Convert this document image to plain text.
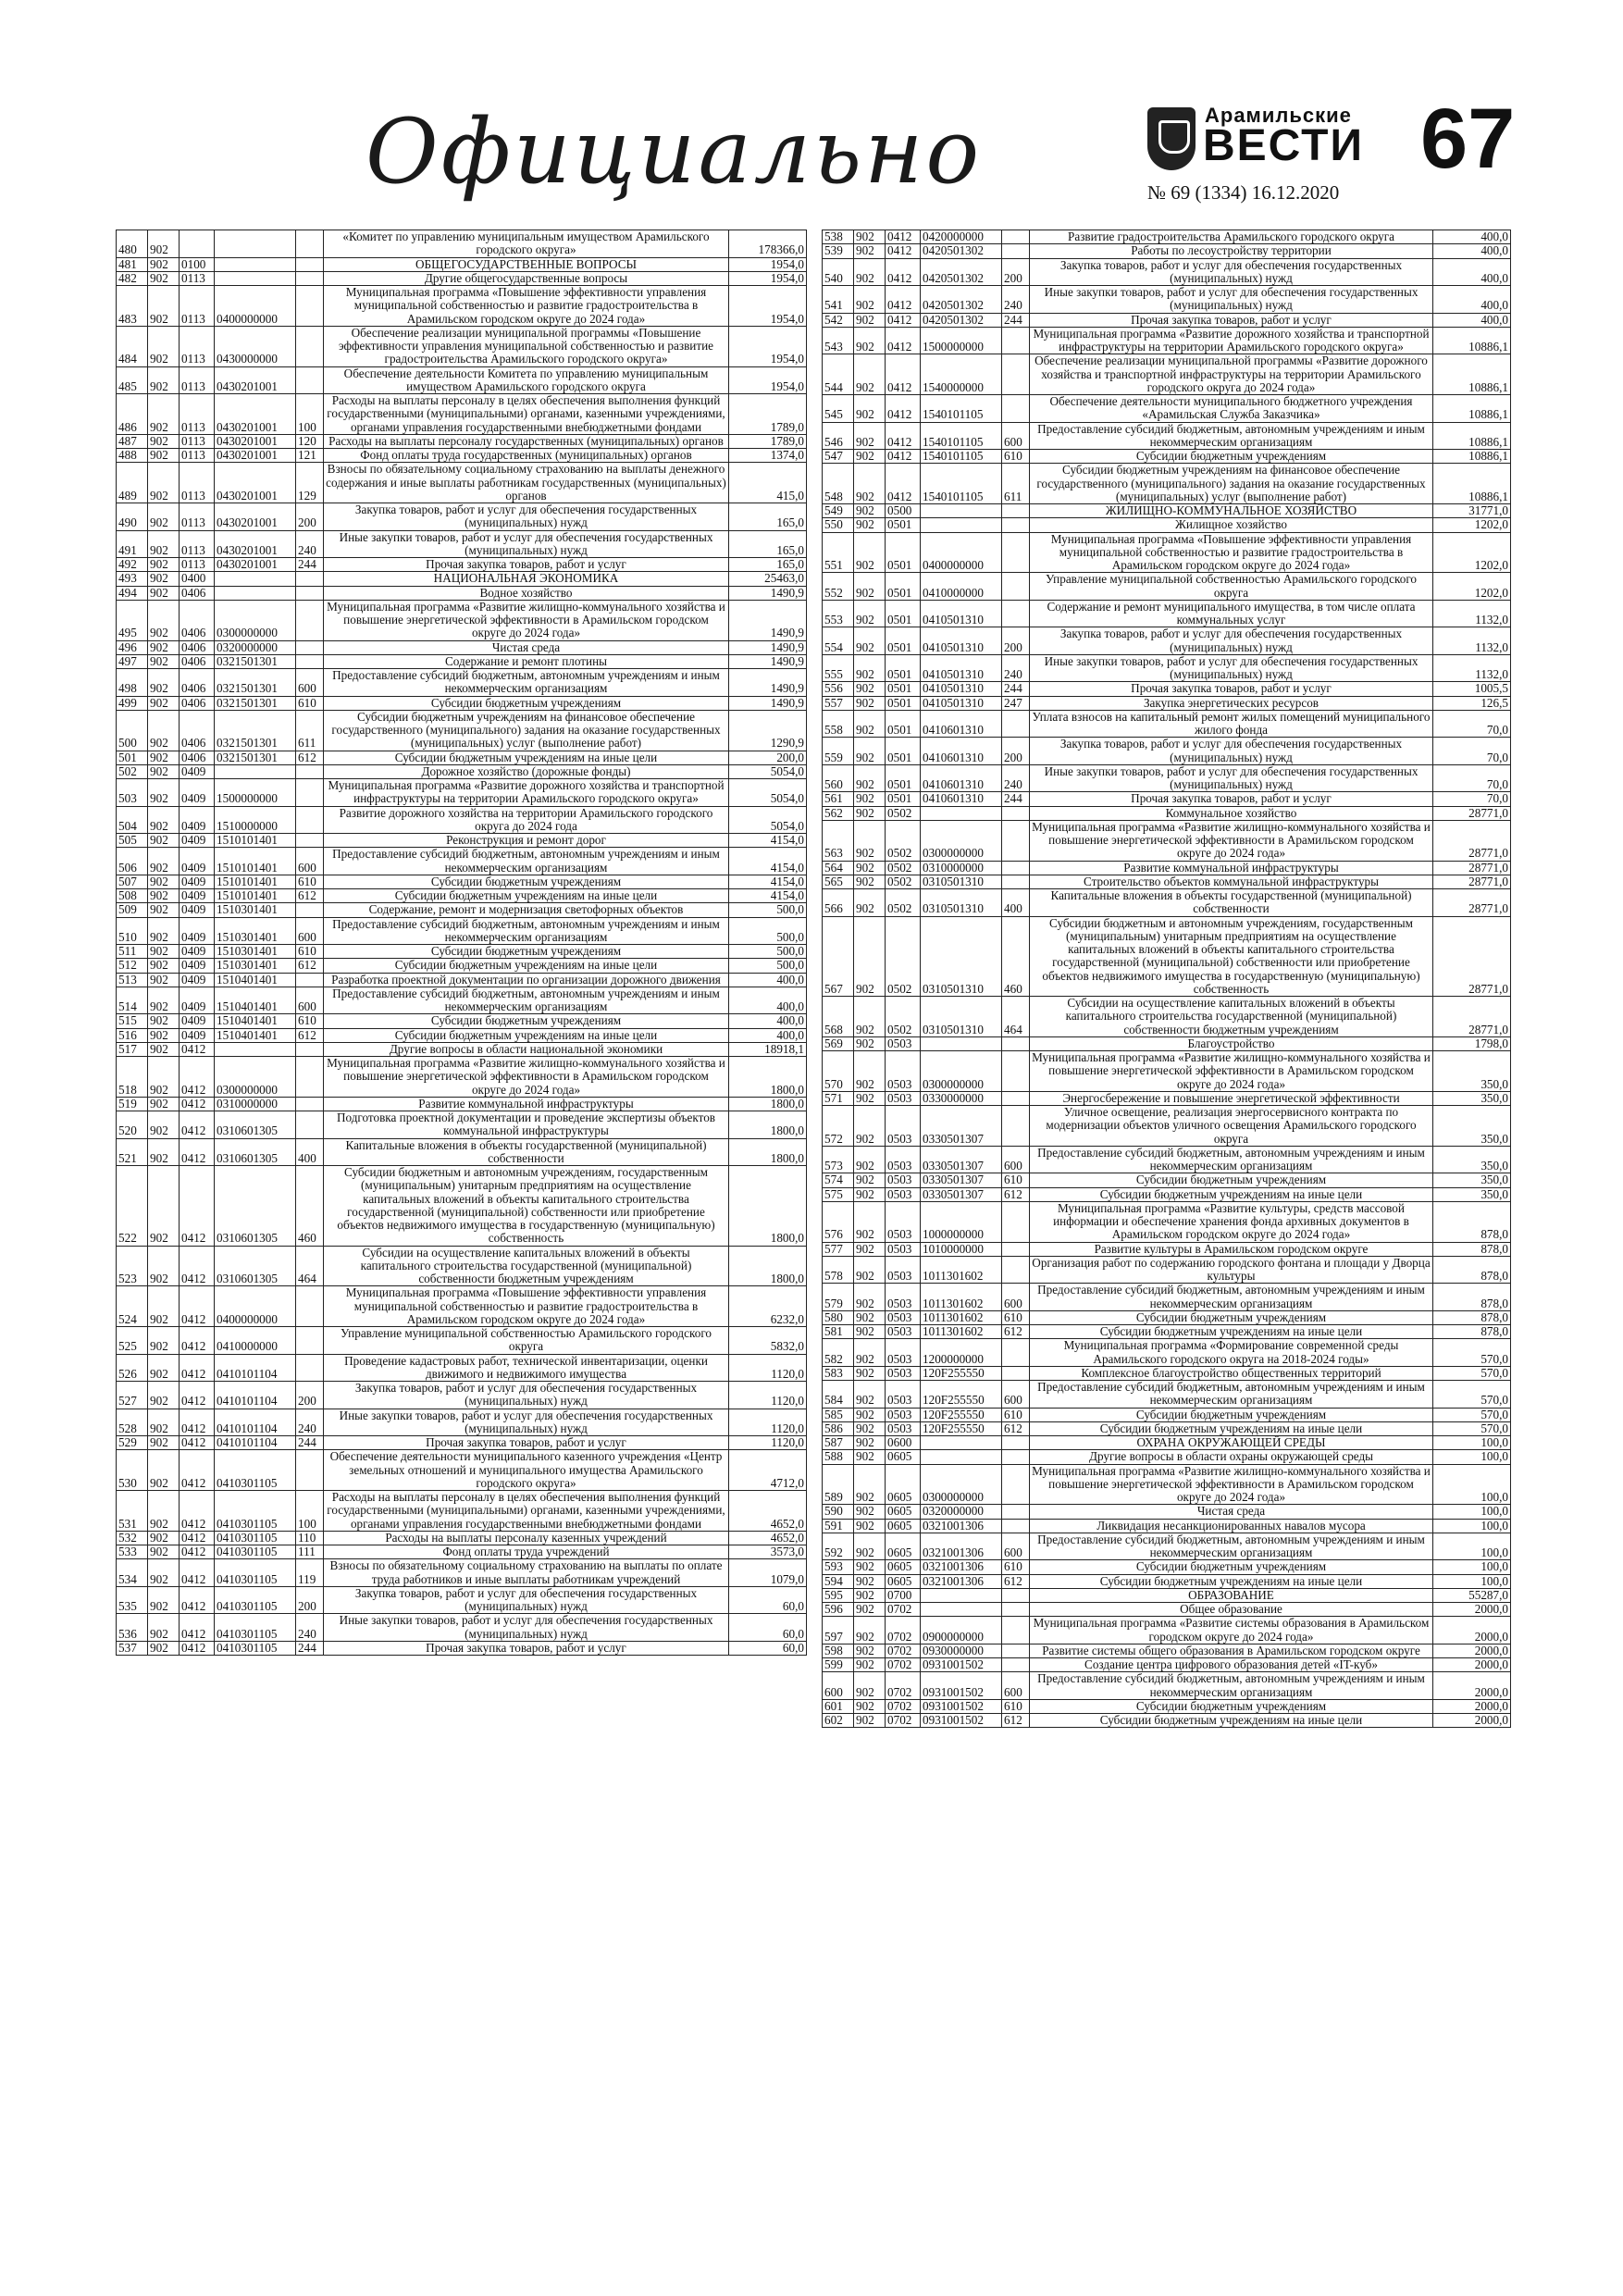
Официально	Арамильские
ВЕСТИ
№ 69 (1334) 16.12.2020
67
480	902				«Комитет по управлению муниципальным имуществом Арамильского городского округа»	178366,0
481	902	0100			ОБЩЕГОСУДАРСТВЕННЫЕ ВОПРОСЫ	1954,0
482	902	0113			Другие общегосударственные вопросы	1954,0
483	902	0113	0400000000		Муниципальная программа «Повышение эффективности управления муниципальной собственностью и развитие градостроительства в Арамильском городском округе до 2024 года»	1954,0
484	902	0113	0430000000		Обеспечение реализации муниципальной программы «Повышение эффективности управления муниципальной собственностью и развитие градостроительства Арамильского городского округа»	1954,0
485	902	0113	0430201001		Обеспечение деятельности Комитета по управлению муниципальным имуществом Арамильского городского округа	1954,0
486	902	0113	0430201001	100	Расходы на выплаты персоналу в целях обеспечения выполнения функций государственными (муниципальными) органами, казенными учреждениями, органами управления государственными внебюджетными фондами	1789,0
487	902	0113	0430201001	120	Расходы на выплаты персоналу государственных (муниципальных) органов	1789,0
488	902	0113	0430201001	121	Фонд оплаты труда государственных (муниципальных) органов	1374,0
489	902	0113	0430201001	129	Взносы по обязательному социальному страхованию на выплаты денежного содержания и иные выплаты работникам государственных (муниципальных) органов	415,0
490	902	0113	0430201001	200	Закупка товаров, работ и услуг для обеспечения государственных (муниципальных) нужд	165,0
491	902	0113	0430201001	240	Иные закупки товаров, работ и услуг для обеспечения государственных (муниципальных) нужд	165,0
492	902	0113	0430201001	244	Прочая закупка товаров, работ и услуг	165,0
493	902	0400			НАЦИОНАЛЬНАЯ ЭКОНОМИКА	25463,0
494	902	0406			Водное хозяйство	1490,9
495	902	0406	0300000000		Муниципальная программа «Развитие жилищно-коммунального хозяйства и повышение энергетической эффективности в Арамильском городском округе до 2024 года»	1490,9
496	902	0406	0320000000		Чистая среда	1490,9
497	902	0406	0321501301		Содержание и ремонт плотины	1490,9
498	902	0406	0321501301	600	Предоставление субсидий бюджетным, автономным учреждениям и иным некоммерческим организациям	1490,9
499	902	0406	0321501301	610	Субсидии бюджетным учреждениям	1490,9
500	902	0406	0321501301	611	Субсидии бюджетным учреждениям на финансовое обеспечение государственного (муниципального) задания на оказание государственных (муниципальных) услуг (выполнение работ)	1290,9
501	902	0406	0321501301	612	Субсидии бюджетным учреждениям на иные цели	200,0
502	902	0409			Дорожное хозяйство (дорожные фонды)	5054,0
503	902	0409	1500000000		Муниципальная программа «Развитие дорожного хозяйства и транспортной инфраструктуры на территории Арамильского городского округа»	5054,0
504	902	0409	1510000000		Развитие дорожного хозяйства на территории Арамильского городского округа до 2024 года	5054,0
505	902	0409	1510101401		Реконструкция и ремонт дорог	4154,0
506	902	0409	1510101401	600	Предоставление субсидий бюджетным, автономным учреждениям и иным некоммерческим организациям	4154,0
507	902	0409	1510101401	610	Субсидии бюджетным учреждениям	4154,0
508	902	0409	1510101401	612	Субсидии бюджетным учреждениям на иные цели	4154,0
509	902	0409	1510301401		Содержание, ремонт и модернизация светофорных объектов	500,0
510	902	0409	1510301401	600	Предоставление субсидий бюджетным, автономным учреждениям и иным некоммерческим организациям	500,0
511	902	0409	1510301401	610	Субсидии бюджетным учреждениям	500,0
512	902	0409	1510301401	612	Субсидии бюджетным учреждениям на иные цели	500,0
513	902	0409	1510401401		Разработка проектной документации по организации дорожного движения	400,0
514	902	0409	1510401401	600	Предоставление субсидий бюджетным, автономным учреждениям и иным некоммерческим организациям	400,0
515	902	0409	1510401401	610	Субсидии бюджетным учреждениям	400,0
516	902	0409	1510401401	612	Субсидии бюджетным учреждениям на иные цели	400,0
517	902	0412			Другие вопросы в области национальной экономики	18918,1
518	902	0412	0300000000		Муниципальная программа «Развитие жилищно-коммунального хозяйства и повышение энергетической эффективности в Арамильском городском округе до 2024 года»	1800,0
519	902	0412	0310000000		Развитие коммунальной инфраструктуры	1800,0
520	902	0412	0310601305		Подготовка проектной документации и проведение экспертизы объектов коммунальной инфраструктуры	1800,0
521	902	0412	0310601305	400	Капитальные вложения в объекты государственной (муниципальной) собственности	1800,0
522	902	0412	0310601305	460	Субсидии бюджетным и автономным учреждениям, государственным (муниципальным) унитарным предприятиям на осуществление капитальных вложений в объекты капитального строительства государственной (муниципальной) собственности или приобретение объектов недвижимого имущества в государственную (муниципальную) собственность	1800,0
523	902	0412	0310601305	464	Субсидии на осуществление капитальных вложений в объекты капитального строительства государственной (муниципальной) собственности бюджетным учреждениям	1800,0
524	902	0412	0400000000		Муниципальная программа «Повышение эффективности управления муниципальной собственностью и развитие градостроительства в Арамильском городском округе до 2024 года»	6232,0
525	902	0412	0410000000		Управление муниципальной собственностью Арамильского городского округа	5832,0
526	902	0412	0410101104		Проведение кадастровых работ, технической инвентаризации, оценки движимого и недвижимого имущества	1120,0
527	902	0412	0410101104	200	Закупка товаров, работ и услуг для обеспечения государственных (муниципальных) нужд	1120,0
528	902	0412	0410101104	240	Иные закупки товаров, работ и услуг для обеспечения государственных (муниципальных) нужд	1120,0
529	902	0412	0410101104	244	Прочая закупка товаров, работ и услуг	1120,0
530	902	0412	0410301105		Обеспечение деятельности муниципального казенного учреждения «Центр земельных отношений и муниципального имущества Арамильского городского округа»	4712,0
531	902	0412	0410301105	100	Расходы на выплаты персоналу в целях обеспечения выполнения функций государственными (муниципальными) органами, казенными учреждениями, органами управления государственными внебюджетными фондами	4652,0
532	902	0412	0410301105	110	Расходы на выплаты персоналу казенных учреждений	4652,0
533	902	0412	0410301105	111	Фонд оплаты труда учреждений	3573,0
534	902	0412	0410301105	119	Взносы по обязательному социальному страхованию на выплаты по оплате труда работников и иные выплаты работникам учреждений	1079,0
535	902	0412	0410301105	200	Закупка товаров, работ и услуг для обеспечения государственных (муниципальных) нужд	60,0
536	902	0412	0410301105	240	Иные закупки товаров, работ и услуг для обеспечения государственных (муниципальных) нужд	60,0
537	902	0412	0410301105	244	Прочая закупка товаров, работ и услуг	60,0
538	902	0412	0420000000		Развитие градостроительства Арамильского городского округа	400,0
539	902	0412	0420501302		Работы по лесоустройству территории	400,0
540	902	0412	0420501302	200	Закупка товаров, работ и услуг для обеспечения государственных (муниципальных) нужд	400,0
541	902	0412	0420501302	240	Иные закупки товаров, работ и услуг для обеспечения государственных (муниципальных) нужд	400,0
542	902	0412	0420501302	244	Прочая закупка товаров, работ и услуг	400,0
543	902	0412	1500000000		Муниципальная программа «Развитие дорожного хозяйства и транспортной инфраструктуры на территории Арамильского городского округа»	10886,1
544	902	0412	1540000000		Обеспечение реализации муниципальной программы «Развитие дорожного хозяйства и транспортной инфраструктуры на территории Арамильского городского округа до 2024 года»	10886,1
545	902	0412	1540101105		Обеспечение деятельности муниципального бюджетного учреждения «Арамильская Служба Заказчика»	10886,1
546	902	0412	1540101105	600	Предоставление субсидий бюджетным, автономным учреждениям и иным некоммерческим организациям	10886,1
547	902	0412	1540101105	610	Субсидии бюджетным учреждениям	10886,1
548	902	0412	1540101105	611	Субсидии бюджетным учреждениям на финансовое обеспечение государственного (муниципального) задания на оказание государственных (муниципальных) услуг (выполнение работ)	10886,1
549	902	0500			ЖИЛИЩНО-КОММУНАЛЬНОЕ ХОЗЯЙСТВО	31771,0
550	902	0501			Жилищное хозяйство	1202,0
551	902	0501	0400000000		Муниципальная программа «Повышение эффективности управления муниципальной собственностью и развитие градостроительства в Арамильском городском округе до 2024 года»	1202,0
552	902	0501	0410000000		Управление муниципальной собственностью Арамильского городского округа	1202,0
553	902	0501	0410501310		Содержание и ремонт муниципального имущества, в том числе оплата коммунальных услуг	1132,0
554	902	0501	0410501310	200	Закупка товаров, работ и услуг для обеспечения государственных (муниципальных) нужд	1132,0
555	902	0501	0410501310	240	Иные закупки товаров, работ и услуг для обеспечения государственных (муниципальных) нужд	1132,0
556	902	0501	0410501310	244	Прочая закупка товаров, работ и услуг	1005,5
557	902	0501	0410501310	247	Закупка энергетических ресурсов	126,5
558	902	0501	0410601310		Уплата взносов на капитальный ремонт жилых помещений муниципального жилого фонда	70,0
559	902	0501	0410601310	200	Закупка товаров, работ и услуг для обеспечения государственных (муниципальных) нужд	70,0
560	902	0501	0410601310	240	Иные закупки товаров, работ и услуг для обеспечения государственных (муниципальных) нужд	70,0
561	902	0501	0410601310	244	Прочая закупка товаров, работ и услуг	70,0
562	902	0502			Коммунальное хозяйство	28771,0
563	902	0502	0300000000		Муниципальная программа «Развитие жилищно-коммунального хозяйства и повышение энергетической эффективности в Арамильском городском округе до 2024 года»	28771,0
564	902	0502	0310000000		Развитие коммунальной инфраструктуры	28771,0
565	902	0502	0310501310		Строительство объектов коммунальной инфраструктуры	28771,0
566	902	0502	0310501310	400	Капитальные вложения в объекты государственной (муниципальной) собственности	28771,0
567	902	0502	0310501310	460	Субсидии бюджетным и автономным учреждениям, государственным (муниципальным) унитарным предприятиям на осуществление капитальных вложений в объекты капитального строительства государственной (муниципальной) собственности или приобретение объектов недвижимого имущества в государственную (муниципальную) собственность	28771,0
568	902	0502	0310501310	464	Субсидии на осуществление капитальных вложений в объекты капитального строительства государственной (муниципальной) собственности бюджетным учреждениям	28771,0
569	902	0503			Благоустройство	1798,0
570	902	0503	0300000000		Муниципальная программа «Развитие жилищно-коммунального хозяйства и повышение энергетической эффективности в Арамильском городском округе до 2024 года»	350,0
571	902	0503	0330000000		Энергосбережение и повышение энергетической эффективности	350,0
572	902	0503	0330501307		Уличное освещение, реализация энергосервисного контракта по модернизации объектов уличного освещения Арамильского городского округа	350,0
573	902	0503	0330501307	600	Предоставление субсидий бюджетным, автономным учреждениям и иным некоммерческим организациям	350,0
574	902	0503	0330501307	610	Субсидии бюджетным учреждениям	350,0
575	902	0503	0330501307	612	Субсидии бюджетным учреждениям на иные цели	350,0
576	902	0503	1000000000		Муниципальная программа «Развитие культуры, средств массовой информации и обеспечение хранения фонда архивных документов в Арамильском городском округе до 2024 года»	878,0
577	902	0503	1010000000		Развитие культуры в Арамильском городском округе	878,0
578	902	0503	1011301602		Организация работ по содержанию городского фонтана и площади у Дворца культуры	878,0
579	902	0503	1011301602	600	Предоставление субсидий бюджетным, автономным учреждениям и иным некоммерческим организациям	878,0
580	902	0503	1011301602	610	Субсидии бюджетным учреждениям	878,0
581	902	0503	1011301602	612	Субсидии бюджетным учреждениям на иные цели	878,0
582	902	0503	1200000000		Муниципальная программа «Формирование современной среды Арамильского городского округа на 2018-2024 годы»	570,0
583	902	0503	120F255550		Комплексное благоустройство общественных территорий	570,0
584	902	0503	120F255550	600	Предоставление субсидий бюджетным, автономным учреждениям и иным некоммерческим организациям	570,0
585	902	0503	120F255550	610	Субсидии бюджетным учреждениям	570,0
586	902	0503	120F255550	612	Субсидии бюджетным учреждениям на иные цели	570,0
587	902	0600			ОХРАНА ОКРУЖАЮЩЕЙ СРЕДЫ	100,0
588	902	0605			Другие вопросы в области охраны окружающей среды	100,0
589	902	0605	0300000000		Муниципальная программа «Развитие жилищно-коммунального хозяйства и повышение энергетической эффективности в Арамильском городском округе до 2024 года»	100,0
590	902	0605	0320000000		Чистая среда	100,0
591	902	0605	0321001306		Ликвидация несанкционированных навалов мусора	100,0
592	902	0605	0321001306	600	Предоставление субсидий бюджетным, автономным учреждениям и иным некоммерческим организациям	100,0
593	902	0605	0321001306	610	Субсидии бюджетным учреждениям	100,0
594	902	0605	0321001306	612	Субсидии бюджетным учреждениям на иные цели	100,0
595	902	0700			ОБРАЗОВАНИЕ	55287,0
596	902	0702			Общее образование	2000,0
597	902	0702	0900000000		Муниципальная программа «Развитие системы образования в Арамильском городском округе до 2024 года»	2000,0
598	902	0702	0930000000		Развитие системы общего образования в Арамильском городском округе	2000,0
599	902	0702	0931001502		Создание центра цифрового образования детей «IT-куб»	2000,0
600	902	0702	0931001502	600	Предоставление субсидий бюджетным, автономным учреждениям и иным некоммерческим организациям	2000,0
601	902	0702	0931001502	610	Субсидии бюджетным учреждениям	2000,0
602	902	0702	0931001502	612	Субсидии бюджетным учреждениям на иные цели	2000,0
